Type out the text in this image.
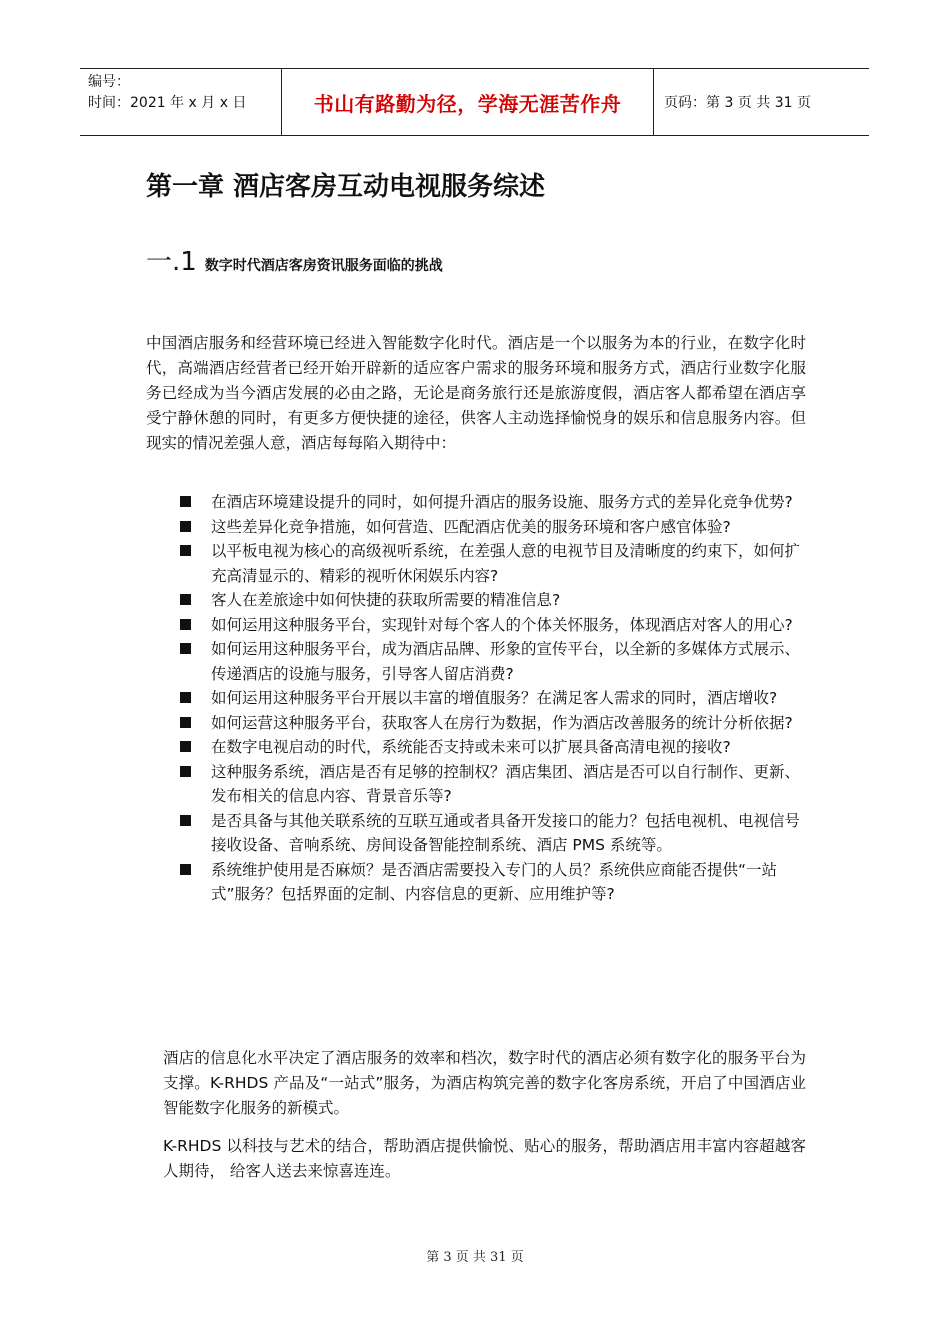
编号：
时间：2021 年 x 月 x 日	书山有路勤为径，学海无涯苦作舟	页码：第 3 页 共 31 页
第一章 酒店客房互动电视服务综述
一.1 数字时代酒店客房资讯服务面临的挑战

中国酒店服务和经营环境已经进入智能数字化时代。酒店是一个以服务为本的行业，在数字化时代，高端酒店经营者已经开始开辟新的适应客户需求的服务环境和服务方式，酒店行业数字化服务已经成为当今酒店发展的必由之路，无论是商务旅行还是旅游度假，酒店客人都希望在酒店享受宁静休憩的同时，有更多方便快捷的途径，供客人主动选择愉悦身的娱乐和信息服务内容。但现实的情况差强人意，酒店每每陷入期待中：

在酒店环境建设提升的同时，如何提升酒店的服务设施、服务方式的差异化竞争优势?
这些差异化竞争措施，如何营造、匹配酒店优美的服务环境和客户感官体验?
以平板电视为核心的高级视听系统，在差强人意的电视节目及清晰度的约束下，如何扩充高清显示的、精彩的视听休闲娱乐内容?
客人在差旅途中如何快捷的获取所需要的精准信息?
如何运用这种服务平台，实现针对每个客人的个体关怀服务，体现酒店对客人的用心?
如何运用这种服务平台，成为酒店品牌、形象的宣传平台，以全新的多媒体方式展示、传递酒店的设施与服务，引导客人留店消费?
如何运用这种服务平台开展以丰富的增值服务？在满足客人需求的同时，酒店增收?
如何运营这种服务平台，获取客人在房行为数据，作为酒店改善服务的统计分析依据?
在数字电视启动的时代，系统能否支持或未来可以扩展具备高清电视的接收?
这种服务系统，酒店是否有足够的控制权？酒店集团、酒店是否可以自行制作、更新、发布相关的信息内容、背景音乐等?
是否具备与其他关联系统的互联互通或者具备开发接口的能力？包括电视机、电视信号接收设备、音响系统、房间设备智能控制系统、酒店 PMS 系统等。
系统维护使用是否麻烦？是否酒店需要投入专门的人员？系统供应商能否提供“一站式”服务？包括界面的定制、内容信息的更新、应用维护等?

酒店的信息化水平决定了酒店服务的效率和档次，数字时代的酒店必须有数字化的服务平台为支撑。K-RHDS 产品及“一站式”服务，为酒店构筑完善的数字化客房系统，开启了中国酒店业智能数字化服务的新模式。

K-RHDS 以科技与艺术的结合，帮助酒店提供愉悦、贴心的服务，帮助酒店用丰富内容超越客人期待， 给客人送去来惊喜连连。

第 3 页 共 31 页
